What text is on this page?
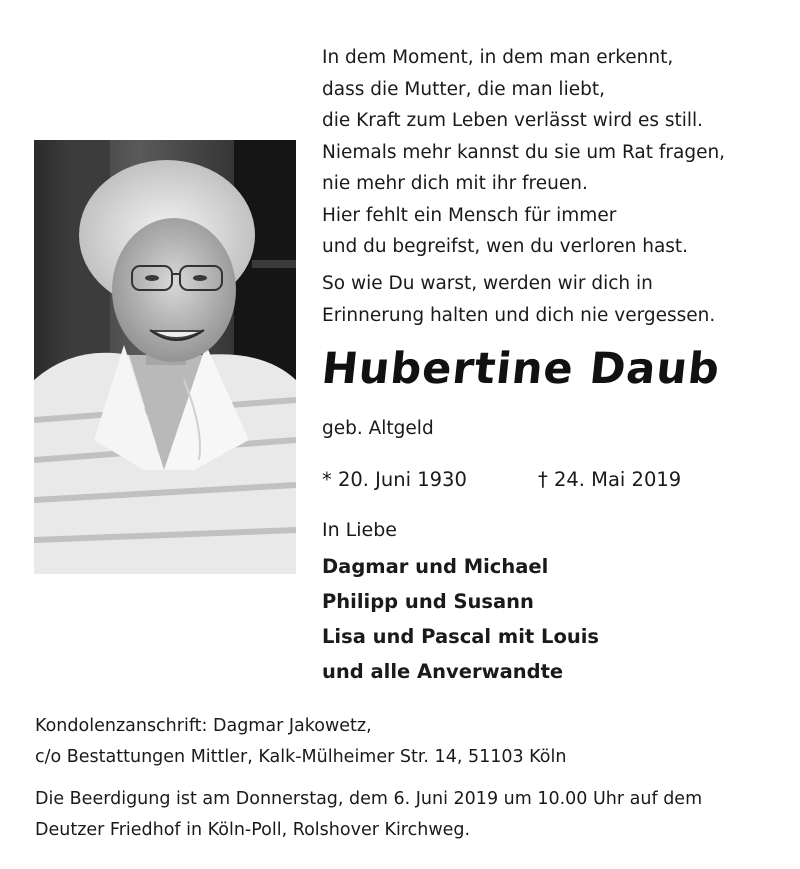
In dem Moment, in dem man erkennt,
dass die Mutter, die man liebt,
die Kraft zum Leben verlässt wird es still.
Niemals mehr kannst du sie um Rat fragen,
nie mehr dich mit ihr freuen.
Hier fehlt ein Mensch für immer
und du begreifst, wen du verloren hast.
So wie Du warst, werden wir dich in
Erinnerung halten und dich nie vergessen.
Hubertine Daub
geb. Altgeld
* 20. Juni 1930	† 24. Mai 2019
In Liebe
Dagmar und Michael
Philipp und Susann
Lisa und Pascal mit Louis
und alle Anverwandte
Kondolenzanschrift: Dagmar Jakowetz,
c/o Bestattungen Mittler, Kalk-Mülheimer Str. 14, 51103 Köln
Die Beerdigung ist am Donnerstag, dem 6. Juni 2019 um 10.00 Uhr auf dem
Deutzer Friedhof in Köln-Poll, Rolshover Kirchweg.
